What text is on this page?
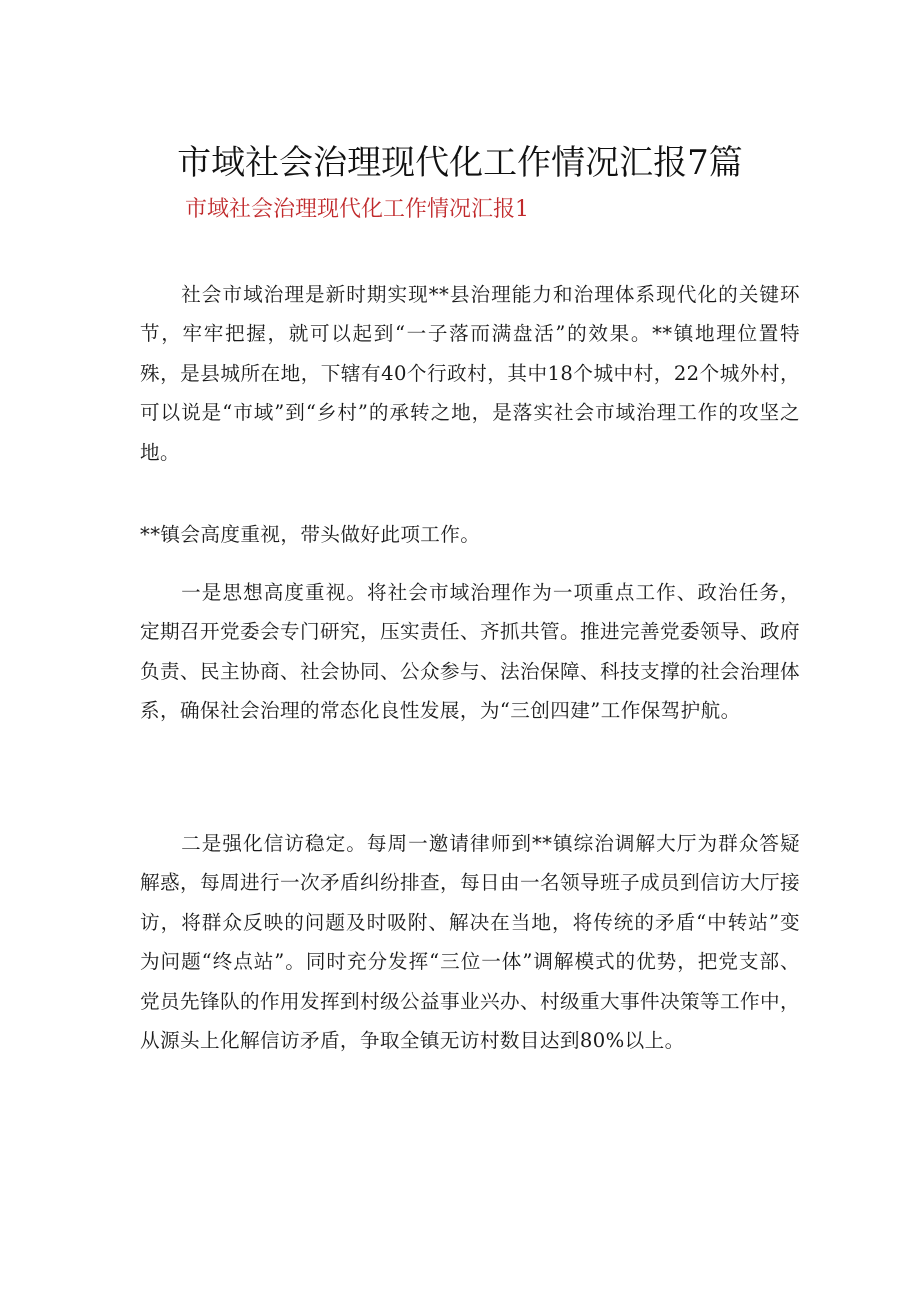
市域社会治理现代化工作情况汇报7篇
市域社会治理现代化工作情况汇报1

社会市域治理是新时期实现**县治理能力和治理体系现代化的关键环节，牢牢把握，就可以起到“一子落而满盘活”的效果。**镇地理位置特殊，是县城所在地，下辖有40个行政村，其中18个城中村，22个城外村，可以说是“市域”到“乡村”的承转之地，是落实社会市域治理工作的攻坚之地。

**镇会高度重视，带头做好此项工作。

一是思想高度重视。将社会市域治理作为一项重点工作、政治任务，定期召开党委会专门研究，压实责任、齐抓共管。推进完善党委领导、政府负责、民主协商、社会协同、公众参与、法治保障、科技支撑的社会治理体系，确保社会治理的常态化良性发展，为“三创四建”工作保驾护航。

二是强化信访稳定。每周一邀请律师到**镇综治调解大厅为群众答疑解惑，每周进行一次矛盾纠纷排查，每日由一名领导班子成员到信访大厅接访，将群众反映的问题及时吸附、解决在当地，将传统的矛盾“中转站”变为问题“终点站”。同时充分发挥“三位一体”调解模式的优势，把党支部、党员先锋队的作用发挥到村级公益事业兴办、村级重大事件决策等工作中，从源头上化解信访矛盾，争取全镇无访村数目达到80%以上。
